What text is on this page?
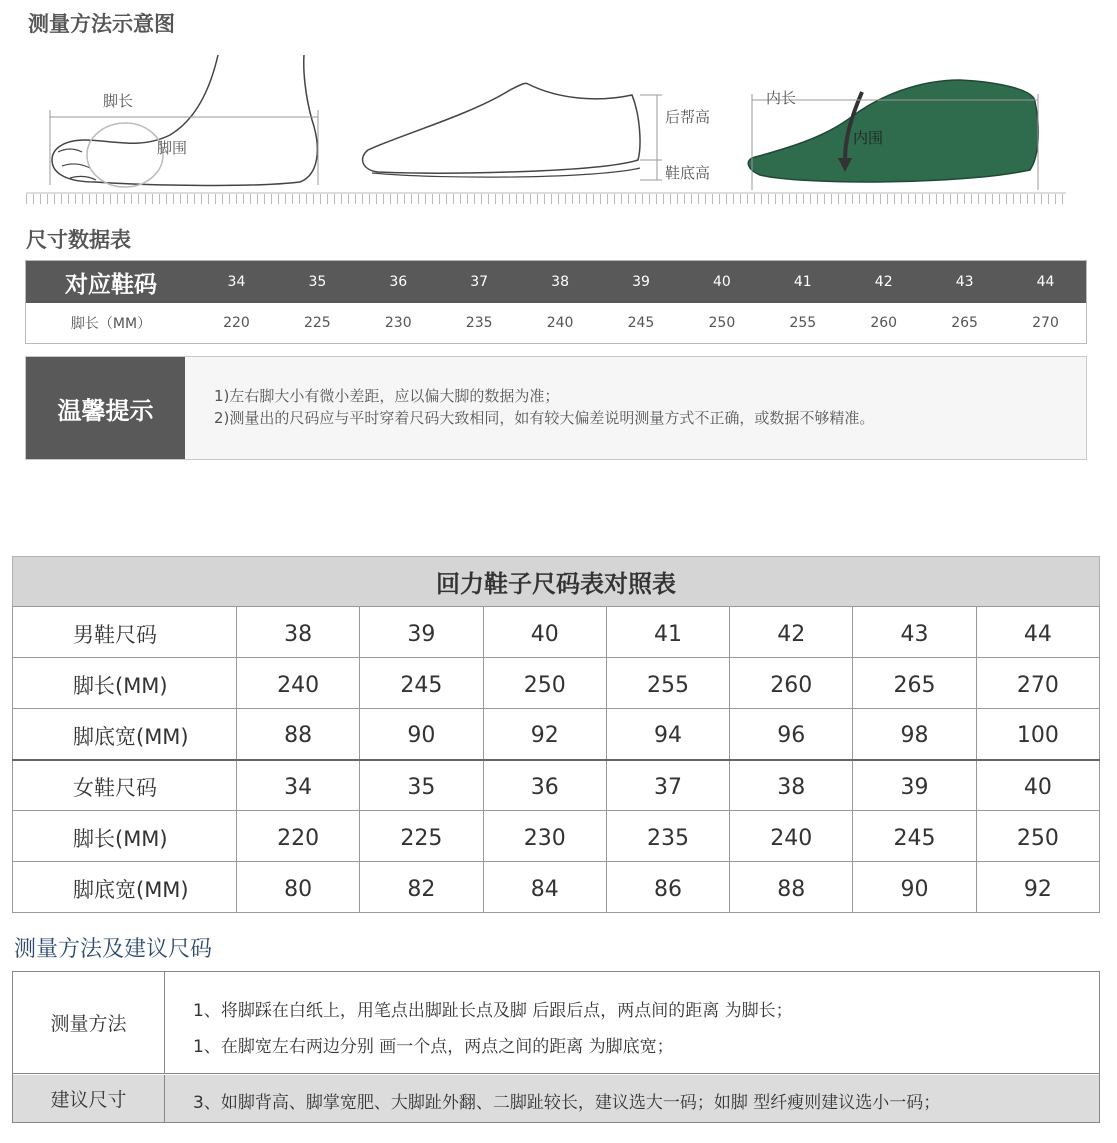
测量方法示意图
脚长
脚围
后帮高
鞋底高
内长
内围
尺寸数据表
对应鞋码	34	35	36	37	38	39	40	41	42	43	44
脚长（MM）	220	225	230	235	240	245	250	255	260	265	270
温馨提示
1)左右脚大小有微小差距，应以偏大脚的数据为准；
2)测量出的尺码应与平时穿着尺码大致相同，如有较大偏差说明测量方式不正确，或数据不够精准。
回力鞋子尺码表对照表
男鞋尺码	38	39	40	41	42	43	44
脚长(MM)	240	245	250	255	260	265	270
脚底宽(MM)	88	90	92	94	96	98	100
女鞋尺码	34	35	36	37	38	39	40
脚长(MM)	220	225	230	235	240	245	250
脚底宽(MM)	80	82	84	86	88	90	92
测量方法及建议尺码
测量方法
1、将脚踩在白纸上，用笔点出脚趾长点及脚 后跟后点，两点间的距离 为脚长；
1、在脚宽左右两边分别 画一个点，两点之间的距离 为脚底宽；
建议尺寸	3、如脚背高、脚掌宽肥、大脚趾外翻、二脚趾较长，建议选大一码；如脚 型纤瘦则建议选小一码；
